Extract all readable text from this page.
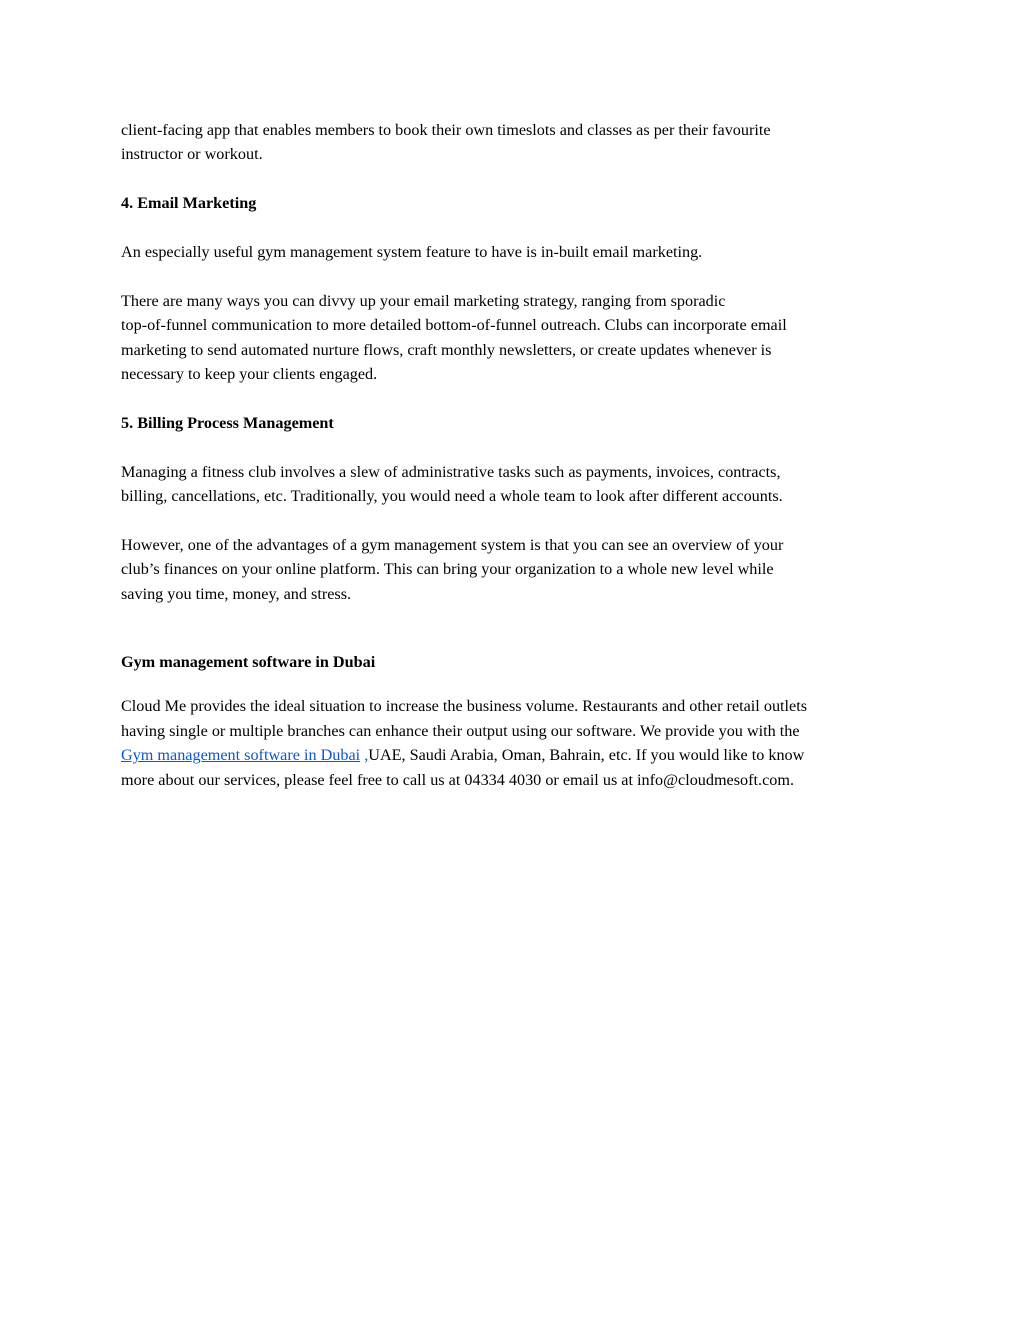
client-facing app that enables members to book their own timeslots and classes as per their favourite
instructor or workout.

4. Email Marketing

An especially useful gym management system feature to have is in-built email marketing.

There are many ways you can divvy up your email marketing strategy, ranging from sporadic
top-of-funnel communication to more detailed bottom-of-funnel outreach. Clubs can incorporate email
marketing to send automated nurture flows, craft monthly newsletters, or create updates whenever is
necessary to keep your clients engaged.

5. Billing Process Management

Managing a fitness club involves a slew of administrative tasks such as payments, invoices, contracts,
billing, cancellations, etc. Traditionally, you would need a whole team to look after different accounts.

However, one of the advantages of a gym management system is that you can see an overview of your
club’s finances on your online platform. This can bring your organization to a whole new level while
saving you time, money, and stress.

Gym management software in Dubai

Cloud Me provides the ideal situation to increase the business volume. Restaurants and other retail outlets
having single or multiple branches can enhance their output using our software. We provide you with the
Gym management software in Dubai ,UAE, Saudi Arabia, Oman, Bahrain, etc. If you would like to know
more about our services, please feel free to call us at 04334 4030 or email us at info@cloudmesoft.com.
